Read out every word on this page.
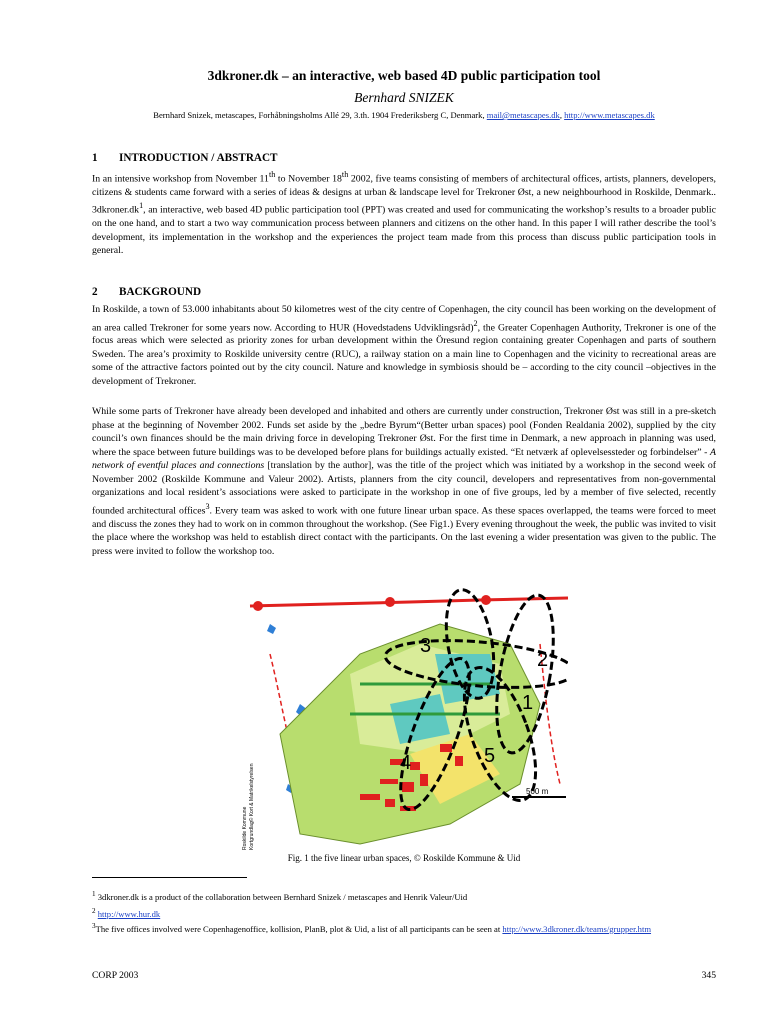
3dkroner.dk – an interactive, web based 4D public participation tool
Bernhard SNIZEK
Bernhard Snizek, metascapes, Forhåbningsholms Allé 29, 3.th. 1904 Frederiksberg C, Denmark, mail@metascapes.dk, http://www.metascapes.dk
1 INTRODUCTION / ABSTRACT

In an intensive workshop from November 11th to November 18th 2002, five teams consisting of members of architectural offices, artists, planners, developers, citizens & students came forward with a series of ideas & designs at urban & landscape level for Trekroner Øst, a new neighbourhood in Roskilde, Denmark.. $3dkroner.dk^1$, an interactive, web based 4D public participation tool (PPT) was created and used for communicating the workshop’s results to a broader public on the one hand, and to start a two way communication process between planners and citizens on the other hand. In this paper I will rather describe the tool’s development, its implementation in the workshop and the experiences the project team made from this process than discuss public participation tools in general.

2 BACKGROUND

In Roskilde, a town of 53.000 inhabitants about 50 kilometres west of the city centre of Copenhagen, the city council has been working on the development of an area called Trekroner for some years now. According to HUR (Hovedstadens Udviklingsråd)$^2$, the Greater Copenhagen Authority, Trekroner is one of the focus areas which were selected as priority zones for urban development within the Öresund region containing greater Copenhagen and parts of southern Sweden. The area’s proximity to Roskilde university centre (RUC), a railway station on a main line to Copenhagen and the vicinity to recreational areas are some of the attractive factors pointed out by the city council. Nature and knowledge in symbiosis should be – according to the city council –objectives in the development of Trekroner.

While some parts of Trekroner have already been developed and inhabited and others are currently under construction, Trekroner Øst was still in a pre-sketch phase at the beginning of November 2002. Funds set aside by the „bedre Byrum“(Better urban spaces) pool (Fonden Realdania 2002), supplied by the city council’s own finances should be the main driving force in developing Trekroner Øst. For the first time in Denmark, a new approach in planning was used, where the space between future buildings was to be developed before plans for buildings actually existed. “Et netværk af oplevelsessteder og forbindelser” - A network of eventful places and connections [translation by the author], was the title of the project which was initiated by a workshop in the second week of November 2002 (Roskilde Kommune and Valeur 2002). Artists, planners from the city council, developers and representatives from non-governmental organizations and local resident’s associations were asked to participate in the workshop in one of five groups, led by a member of five selected, recently founded architectural offices$^3$. Every team was asked to work with one future linear urban space. As these spaces overlapped, the teams were forced to meet and discuss the zones they had to work on in common throughout the workshop. (See Fig1.) Every evening throughout the week, the public was invited to visit the place where the workshop was held to establish direct contact with the participants. On the last evening a wider presentation was given to the public. The press were invited to follow the workshop too.

1
2
3
4	5
500 m
Roskilde Kommune Kortgrundlag© Kort & Matrikelstyrelsen
Fig. 1 the five linear urban spaces, © Roskilde Kommune & Uid
$^1$ 3dkroner.dk is a product of the collaboration between Bernhard Snizek / metascapes and Henrik Valeur/Uid
$^2$ http://www.hur.dk
$^3$The five offices involved were Copenhagenoffice, kollision, PlanB, plot & Uid, a list of all participants can be seen at http://www.3dkroner.dk/teams/grupper.htm
CORP 2003	345
